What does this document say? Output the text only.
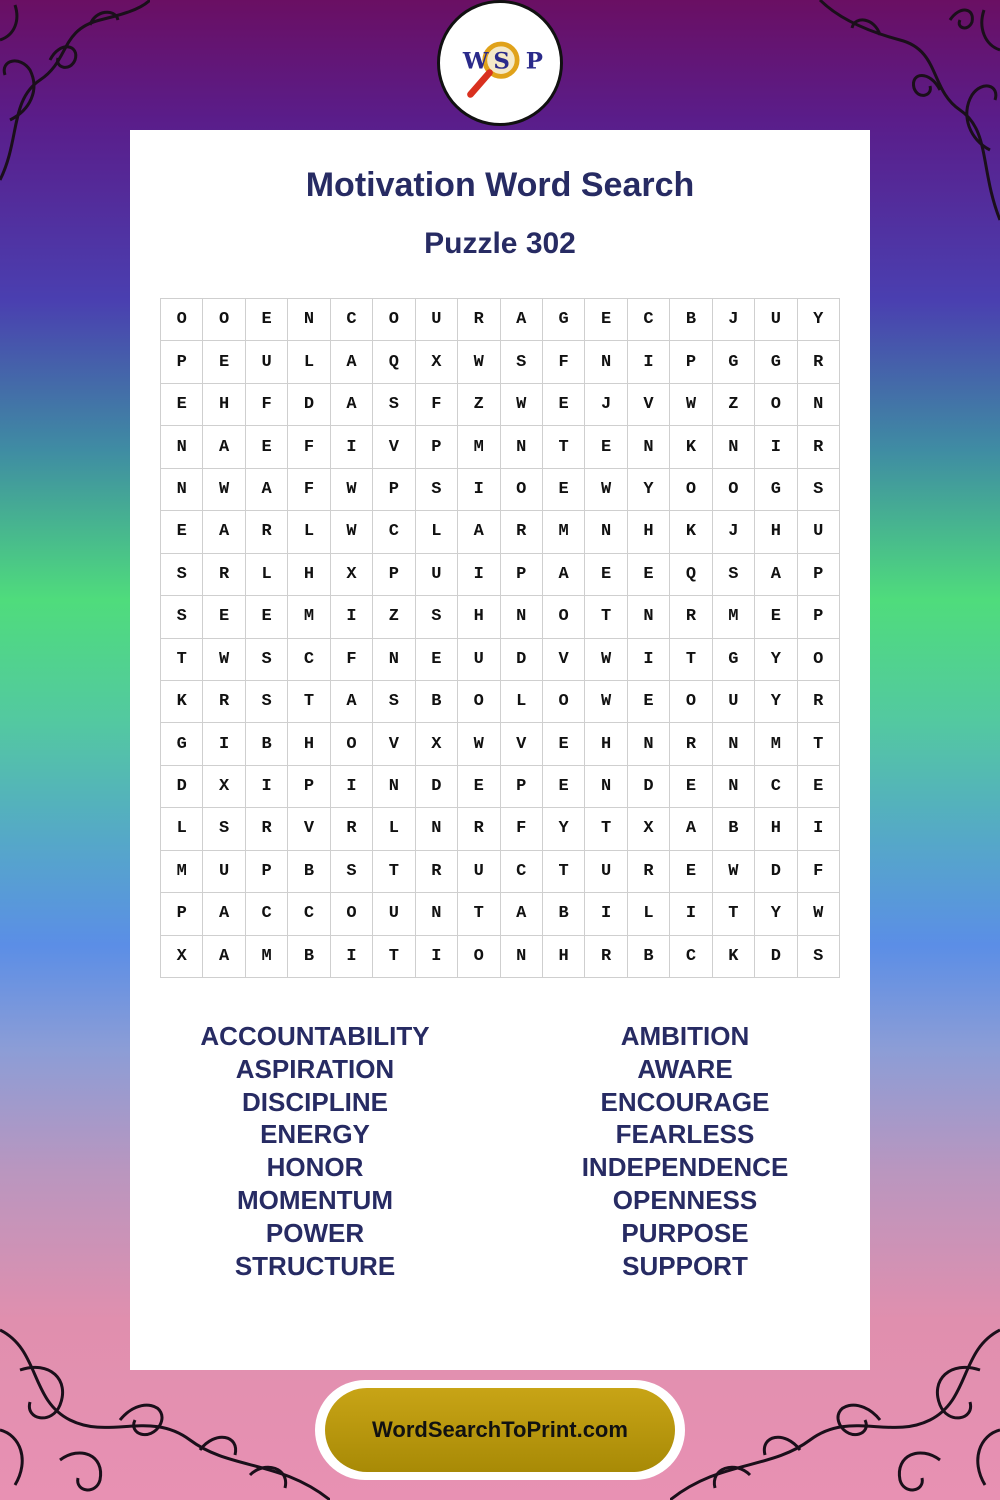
W S P
Motivation Word Search
Puzzle 302
O	O	E	N	C	O	U	R	A	G	E	C	B	J	U	Y
P	E	U	L	A	Q	X	W	S	F	N	I	P	G	G	R
E	H	F	D	A	S	F	Z	W	E	J	V	W	Z	O	N
N	A	E	F	I	V	P	M	N	T	E	N	K	N	I	R
N	W	A	F	W	P	S	I	O	E	W	Y	O	O	G	S
E	A	R	L	W	C	L	A	R	M	N	H	K	J	H	U
S	R	L	H	X	P	U	I	P	A	E	E	Q	S	A	P
S	E	E	M	I	Z	S	H	N	O	T	N	R	M	E	P
T	W	S	C	F	N	E	U	D	V	W	I	T	G	Y	O
K	R	S	T	A	S	B	O	L	O	W	E	O	U	Y	R
G	I	B	H	O	V	X	W	V	E	H	N	R	N	M	T
D	X	I	P	I	N	D	E	P	E	N	D	E	N	C	E
L	S	R	V	R	L	N	R	F	Y	T	X	A	B	H	I
M	U	P	B	S	T	R	U	C	T	U	R	E	W	D	F
P	A	C	C	O	U	N	T	A	B	I	L	I	T	Y	W
X	A	M	B	I	T	I	O	N	H	R	B	C	K	D	S
ACCOUNTABILITY
ASPIRATION
DISCIPLINE
ENERGY
HONOR
MOMENTUM
POWER
STRUCTURE
AMBITION
AWARE
ENCOURAGE
FEARLESS
INDEPENDENCE
OPENNESS
PURPOSE
SUPPORT
WordSearchToPrint.com
